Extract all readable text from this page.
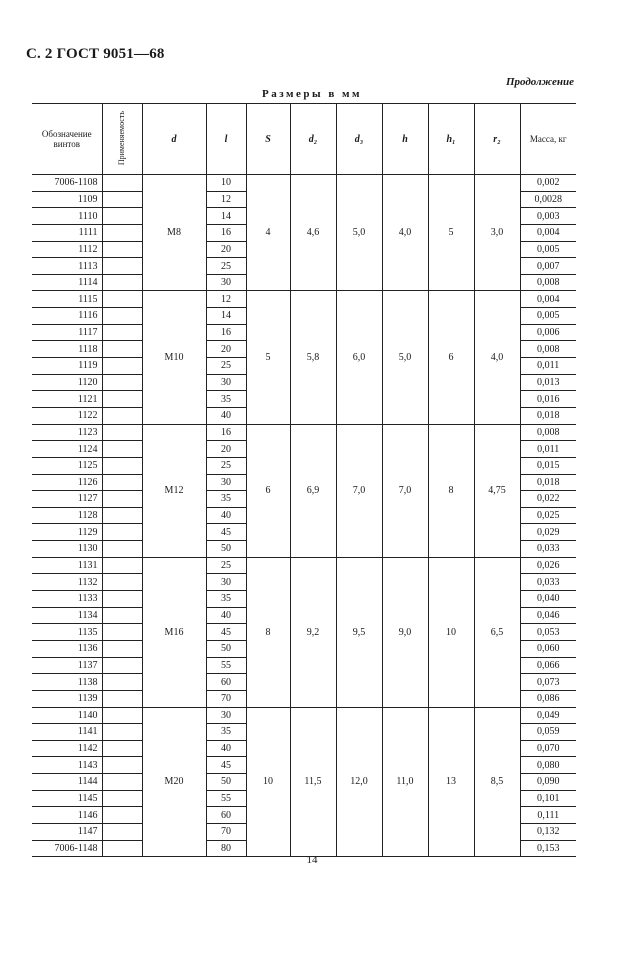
С. 2 ГОСТ 9051—68
Продолжение
Размеры в мм
Обозначение винтов	Применяемость	d	l	S	d₂	d₃	h	h₁	r₂	Масса, кг
7006-1108		M8	10	4	4,6	5,0	4,0	5	3,0	0,002
1109			12							0,0028
1110			14							0,003
1111			16							0,004
1112			20							0,005
1113			25							0,007
1114			30							0,008
1115		M10	12	5	5,8	6,0	5,0	6	4,0	0,004
1116			14							0,005
1117			16							0,006
1118			20							0,008
1119			25							0,011
1120			30							0,013
1121			35							0,016
1122			40							0,018
1123		M12	16	6	6,9	7,0	7,0	8	4,75	0,008
1124			20							0,011
1125			25							0,015
1126			30							0,018
1127			35							0,022
1128			40							0,025
1129			45							0,029
1130			50							0,033
1131		M16	25	8	9,2	9,5	9,0	10	6,5	0,026
1132			30							0,033
1133			35							0,040
1134			40							0,046
1135			45							0,053
1136			50							0,060
1137			55							0,066
1138			60							0,073
1139			70							0,086
1140		M20	30	10	11,5	12,0	11,0	13	8,5	0,049
1141			35							0,059
1142			40							0,070
1143			45							0,080
1144			50							0,090
1145			55							0,101
1146			60							0,111
1147			70							0,132
7006-1148			80							0,153
14
